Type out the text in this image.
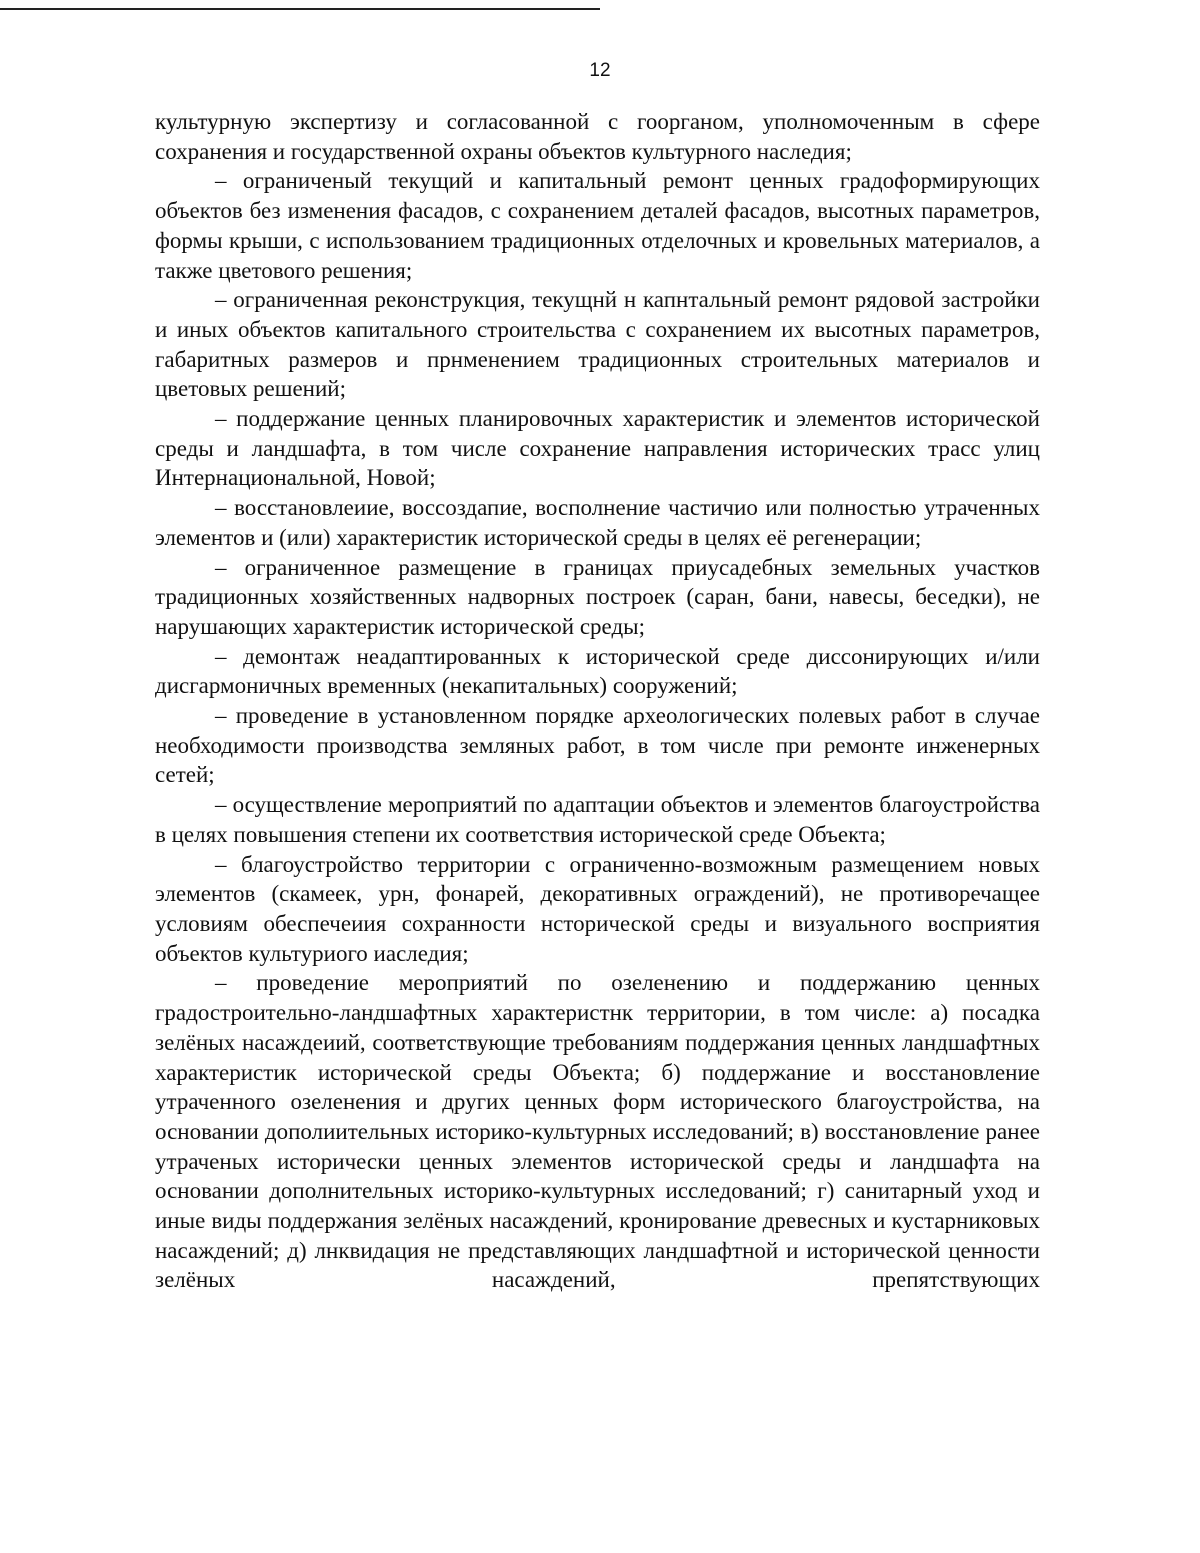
12

культурную экспертизу и согласованной с гоорганом, уполномоченным в сфере сохранения и государственной охраны объектов культурного наследия;

– ограниченый текущий и капитальный ремонт ценных градоформирующих объектов без изменения фасадов, с сохранением деталей фасадов, высотных параметров, формы крыши, с использованием традиционных отделочных и кровельных материалов, а также цветового решения;

– ограниченная реконструкция, текущнй н капнтальный ремонт рядовой застройки и иных объектов капитального строительства с сохранением их высотных параметров, габаритных размеров и прнменением традиционных строительных материалов и цветовых решений;

– поддержание ценных планировочных характеристик и элементов исторической среды и ландшафта, в том числе сохранение направления исторических трасс улиц Интернациональной, Новой;

– восстановлеиие, воссоздапие, восполнение частичио или полностью утраченных элементов и (или) характеристик исторической среды в целях её регенерации;

– ограниченное размещение в границах приусадебных земельных участков традиционных хозяйственных надворных построек (саран, бани, навесы, беседки), не нарушающих характеристик исторической среды;

– демонтаж неадаптированных к исторической среде диссонирующих и/или дисгармоничных временных (некапитальных) сооружений;

– проведение в установленном порядке археологических полевых работ в случае необходимости производства земляных работ, в том числе при ремонте инженерных сетей;

– осуществление мероприятий по адаптации объектов и элементов благоустройства в целях повышения степени их соответствия исторической среде Объекта;

– благоустройство территории с ограниченно-возможным размещением новых элементов (скамеек, урн, фонарей, декоративных ограждений), не противоречащее условиям обеспечеиия сохранности нсторической среды и визуального восприятия объектов культуриого иаследия;

– проведение мероприятий по озеленению и поддержанию ценных градостроительно-ландшафтных характеристнк территории, в том числе: а) посадка зелёных насаждеиий, соответствующие требованиям поддержания ценных ландшафтных характеристик исторической среды Объекта; б) поддержание и восстановление утраченного озеленения и других ценных форм исторического благоустройства, на основании дополиительных историко-культурных исследований; в) восстановление ранее утраченых исторически ценных элементов исторической среды и ландшафта на основании дополнительных историко-культурных исследований; г) санитарный уход и иные виды поддержания зелёных насаждений, кронирование древесных и кустарниковых насаждений; д) лнквидация не представляющих ландшафтной и исторической ценности зелёных насаждений, препятствующих
